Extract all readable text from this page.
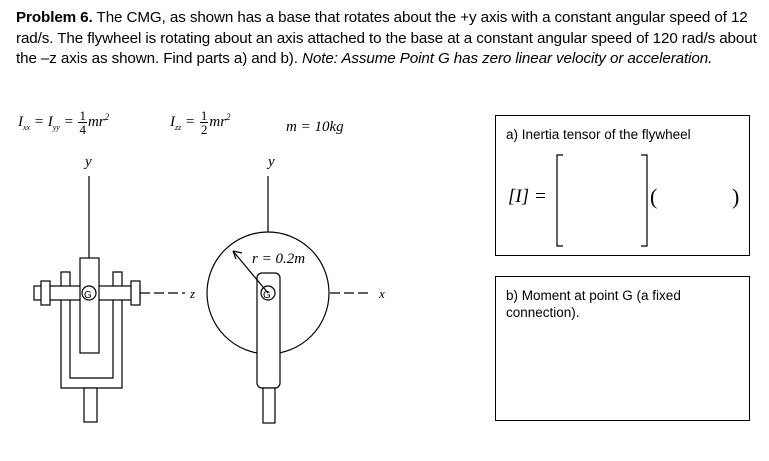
Problem 6. The CMG, as shown has a base that rotates about the +y axis with a constant angular speed of 12 rad/s. The flywheel is rotating about an axis attached to the base at a constant angular speed of 120 rad/s about the –z axis as shown. Find parts a) and b). Note: Assume Point G has zero linear velocity or acceleration.
$I_{xx} = I_{yy} = \frac{1}{4} mr^2$	$I_{zz} = \frac{1}{2} mr^2$
m = 10kg
y
z
G
y
x
G
r = 0.2m
a) Inertia tensor of the flywheel
[I] =	(	)
b) Moment at point G (a fixed connection).
